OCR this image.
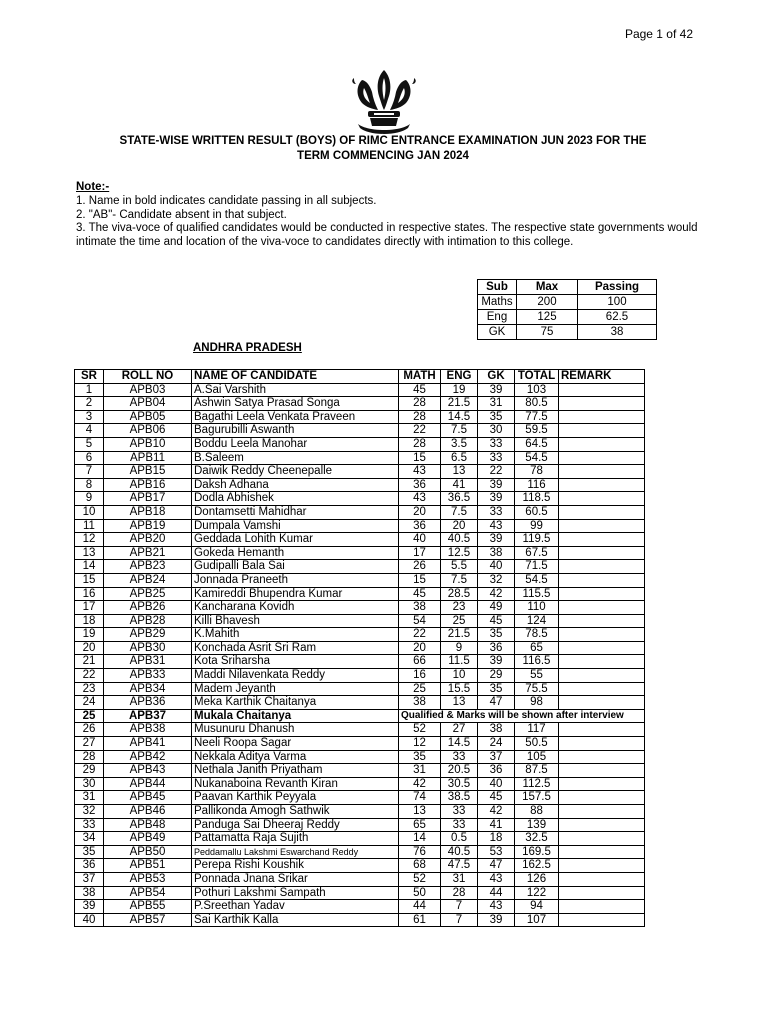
Page 1 of 42
STATE-WISE WRITTEN RESULT (BOYS) OF RIMC ENTRANCE EXAMINATION JUN 2023 FOR THE
TERM COMMENCING JAN 2024
Note:-
1. Name in bold indicates candidate passing in all subjects.
2. "AB"- Candidate absent in that subject.
3. The viva-voce of qualified candidates would be conducted in respective states. The respective state governments would intimate the time and location of the viva-voce to candidates directly with intimation to this college.
Sub	Max	Passing
Maths	200	100
Eng	125	62.5
GK	75	38
ANDHRA PRADESH
SR	ROLL NO	NAME OF CANDIDATE	MATH	ENG	GK	TOTAL	REMARK
1	APB03	A.Sai Varshith	45	19	39	103	
2	APB04	Ashwin Satya Prasad Songa	28	21.5	31	80.5	
3	APB05	Bagathi Leela Venkata Praveen	28	14.5	35	77.5	
4	APB06	Bagurubilli Aswanth	22	7.5	30	59.5	
5	APB10	Boddu Leela Manohar	28	3.5	33	64.5	
6	APB11	B.Saleem	15	6.5	33	54.5	
7	APB15	Daiwik Reddy Cheenepalle	43	13	22	78	
8	APB16	Daksh Adhana	36	41	39	116	
9	APB17	Dodla Abhishek	43	36.5	39	118.5	
10	APB18	Dontamsetti Mahidhar	20	7.5	33	60.5	
11	APB19	Dumpala Vamshi	36	20	43	99	
12	APB20	Geddada Lohith Kumar	40	40.5	39	119.5	
13	APB21	Gokeda Hemanth	17	12.5	38	67.5	
14	APB23	Gudipalli Bala Sai	26	5.5	40	71.5	
15	APB24	Jonnada Praneeth	15	7.5	32	54.5	
16	APB25	Kamireddi Bhupendra Kumar	45	28.5	42	115.5	
17	APB26	Kancharana Kovidh	38	23	49	110	
18	APB28	Killi Bhavesh	54	25	45	124	
19	APB29	K.Mahith	22	21.5	35	78.5	
20	APB30	Konchada Asrit Sri Ram	20	9	36	65	
21	APB31	Kota Sriharsha	66	11.5	39	116.5	
22	APB33	Maddi Nilavenkata Reddy	16	10	29	55	
23	APB34	Madem Jeyanth	25	15.5	35	75.5	
24	APB36	Meka Karthik Chaitanya	38	13	47	98	
25	APB37	Mukala Chaitanya	Qualified & Marks will be shown after interview				
26	APB38	Musunuru Dhanush	52	27	38	117	
27	APB41	Neeli Roopa Sagar	12	14.5	24	50.5	
28	APB42	Nekkala Aditya Varma	35	33	37	105	
29	APB43	Nethala Janith Priyatham	31	20.5	36	87.5	
30	APB44	Nukanaboina Revanth Kiran	42	30.5	40	112.5	
31	APB45	Paavan Karthik Peyyala	74	38.5	45	157.5	
32	APB46	Pallikonda Amogh Sathwik	13	33	42	88	
33	APB48	Panduga Sai Dheeraj Reddy	65	33	41	139	
34	APB49	Pattamatta Raja Sujith	14	0.5	18	32.5	
35	APB50	Peddamallu Lakshmi Eswarchand Reddy	76	40.5	53	169.5	
36	APB51	Perepa Rishi Koushik	68	47.5	47	162.5	
37	APB53	Ponnada Jnana Srikar	52	31	43	126	
38	APB54	Pothuri Lakshmi Sampath	50	28	44	122	
39	APB55	P.Sreethan Yadav	44	7	43	94	
40	APB57	Sai Karthik Kalla	61	7	39	107	
